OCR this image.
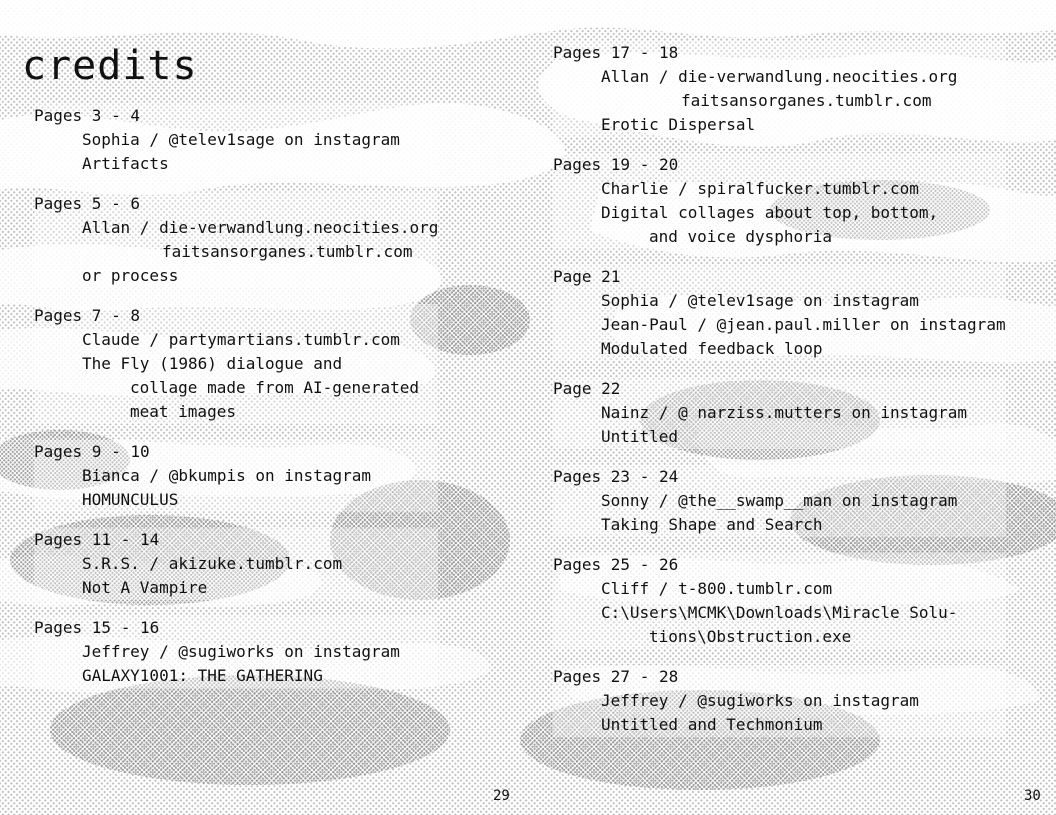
credits
Pages 3 - 4
Sophia / @telev1sage on instagram
Artifacts
Pages 5 - 6
Allan / die-verwandlung.neocities.org
faitsansorganes.tumblr.com
or process
Pages 7 - 8
Claude / partymartians.tumblr.com
The Fly (1986) dialogue and
collage made from AI-generated
meat images
Pages 9 - 10
Bianca / @bkumpis on instagram
HOMUNCULUS
Pages 11 - 14
S.R.S. / akizuke.tumblr.com
Not A Vampire
Pages 15 - 16
Jeffrey / @sugiworks on instagram
GALAXY1001: THE GATHERING
29
Pages 17 - 18
Allan / die-verwandlung.neocities.org
faitsansorganes.tumblr.com
Erotic Dispersal
Pages 19 - 20
Charlie / spiralfucker.tumblr.com
Digital collages about top, bottom,
and voice dysphoria
Page 21
Sophia / @telev1sage on instagram
Jean-Paul / @jean.paul.miller on instagram
Modulated feedback loop
Page 22
Nainz / @ narziss.mutters on instagram
Untitled
Pages 23 - 24
Sonny / @the__swamp__man on instagram
Taking Shape and Search
Pages 25 - 26
Cliff / t-800.tumblr.com
C:\Users\MCMK\Downloads\Miracle Solu-
tions\Obstruction.exe
Pages 27 - 28
Jeffrey / @sugiworks on instagram
Untitled and Techmonium
30
